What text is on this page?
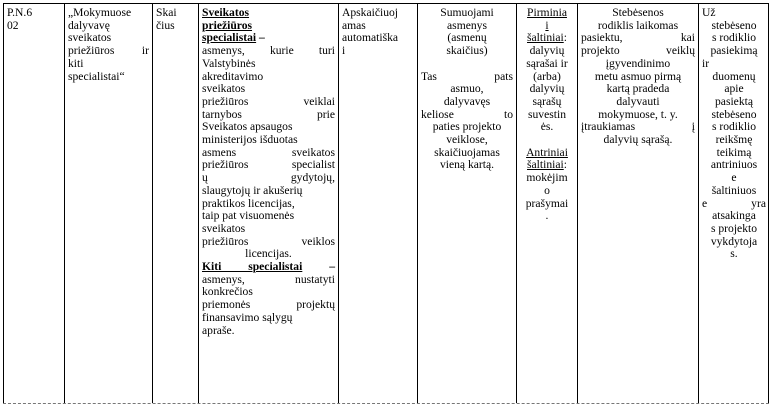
P.N.6

02

„Mokymuose

dalyvavę

sveikatos

priežiūros ir

kiti

specialistai“

Skai

čius

Sveikatos

priežiūros

specialistai –

asmenys, kurie turi

Valstybinės

akreditavimo

sveikatos

priežiūros veiklai

tarnybos prie

Sveikatos apsaugos

ministerijos išduotas

asmens sveikatos

priežiūros specialist

ų gydytojų,

slaugytojų ir akušerių

praktikos licencijas,

taip pat visuomenės

sveikatos

priežiūros veiklos

licencijas.

Kiti specialistai –

asmenys, nustatyti

konkrečios

priemonės projektų

finansavimo sąlygų

apraše.

Apskaičiuoj

amas

automatiška

i

Sumuojami

asmenys

(asmenų

skaičius)

Tas pats

asmuo,

dalyvavęs

keliose to

paties projekto

veiklose,

skaičiuojamas

vieną kartą.

Pirminia

i

šaltiniai:

dalyvių

sąrašai ir

(arba)

dalyvių

sąrašų

suvestin

ės.

Antriniai

šaltiniai:

mokėjim

o

prašymai

.

Stebėsenos

rodiklis laikomas

pasiektu, kai

projekto veiklų

įgyvendinimo

metu asmuo pirmą

kartą pradeda

dalyvauti

mokymuose, t. y.

įtraukiamas į

dalyvių sąrašą.

Už

stebėseno

s rodiklio

pasiekimą

ir

duomenų

apie

pasiektą

stebėseno

s rodiklio

reikšmę

teikimą

antriniuos

e

šaltiniuos

e yra

atsakinga

s projekto

vykdytoja

s.
